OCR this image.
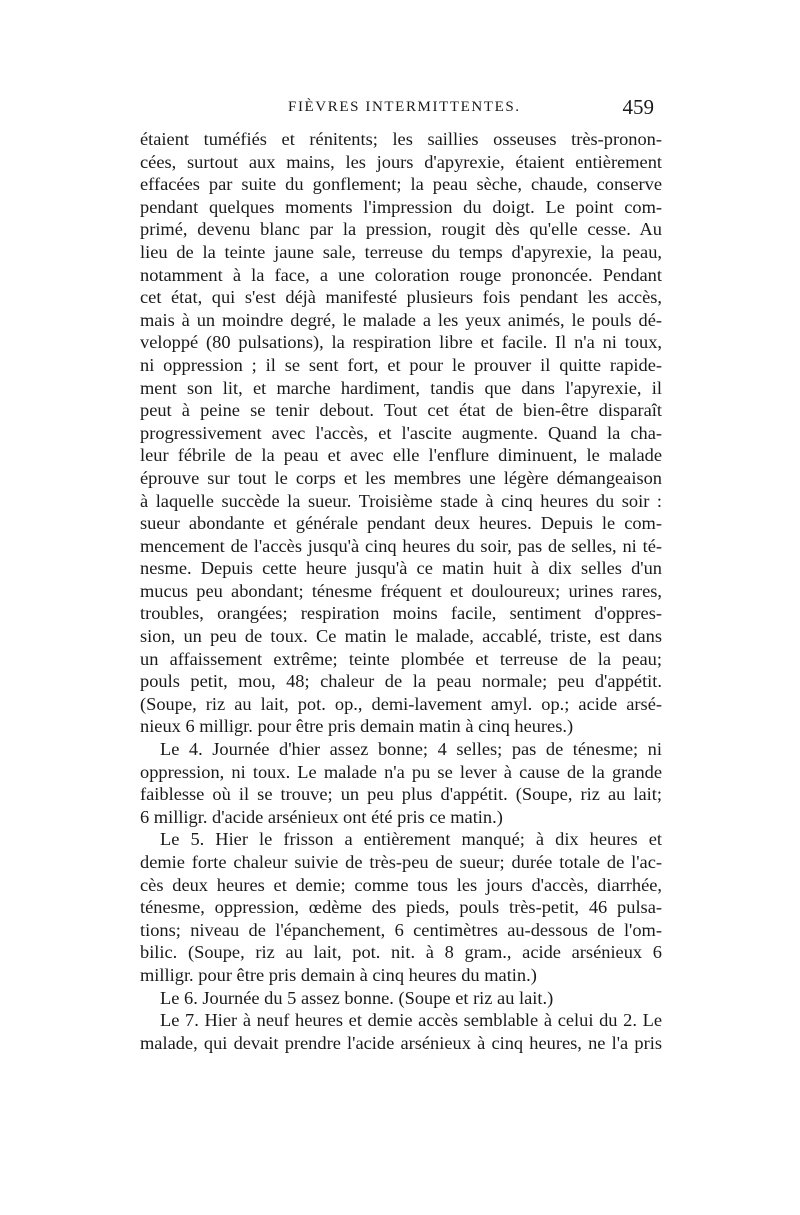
FIÈVRES INTERMITTENTES.	459
étaient tuméfiés et rénitents; les saillies osseuses très-pronon-
cées, surtout aux mains, les jours d'apyrexie, étaient entièrement
effacées par suite du gonflement; la peau sèche, chaude, conserve
pendant quelques moments l'impression du doigt. Le point com-
primé, devenu blanc par la pression, rougit dès qu'elle cesse. Au
lieu de la teinte jaune sale, terreuse du temps d'apyrexie, la peau,
notamment à la face, a une coloration rouge prononcée. Pendant
cet état, qui s'est déjà manifesté plusieurs fois pendant les accès,
mais à un moindre degré, le malade a les yeux animés, le pouls dé-
veloppé (80 pulsations), la respiration libre et facile. Il n'a ni toux,
ni oppression ; il se sent fort, et pour le prouver il quitte rapide-
ment son lit, et marche hardiment, tandis que dans l'apyrexie, il
peut à peine se tenir debout. Tout cet état de bien-être disparaît
progressivement avec l'accès, et l'ascite augmente. Quand la cha-
leur fébrile de la peau et avec elle l'enflure diminuent, le malade
éprouve sur tout le corps et les membres une légère démangeaison
à laquelle succède la sueur. Troisième stade à cinq heures du soir :
sueur abondante et générale pendant deux heures. Depuis le com-
mencement de l'accès jusqu'à cinq heures du soir, pas de selles, ni té-
nesme. Depuis cette heure jusqu'à ce matin huit à dix selles d'un
mucus peu abondant; ténesme fréquent et douloureux; urines rares,
troubles, orangées; respiration moins facile, sentiment d'oppres-
sion, un peu de toux. Ce matin le malade, accablé, triste, est dans
un affaissement extrême; teinte plombée et terreuse de la peau;
pouls petit, mou, 48; chaleur de la peau normale; peu d'appétit.
(Soupe, riz au lait, pot. op., demi-lavement amyl. op.; acide arsé-
nieux 6 milligr. pour être pris demain matin à cinq heures.)
Le 4. Journée d'hier assez bonne; 4 selles; pas de ténesme; ni
oppression, ni toux. Le malade n'a pu se lever à cause de la grande
faiblesse où il se trouve; un peu plus d'appétit. (Soupe, riz au lait;
6 milligr. d'acide arsénieux ont été pris ce matin.)
Le 5. Hier le frisson a entièrement manqué; à dix heures et
demie forte chaleur suivie de très-peu de sueur; durée totale de l'ac-
cès deux heures et demie; comme tous les jours d'accès, diarrhée,
ténesme, oppression, œdème des pieds, pouls très-petit, 46 pulsa-
tions; niveau de l'épanchement, 6 centimètres au-dessous de l'om-
bilic. (Soupe, riz au lait, pot. nit. à 8 gram., acide arsénieux 6
milligr. pour être pris demain à cinq heures du matin.)
Le 6. Journée du 5 assez bonne. (Soupe et riz au lait.)
Le 7. Hier à neuf heures et demie accès semblable à celui du 2. Le
malade, qui devait prendre l'acide arsénieux à cinq heures, ne l'a pris
